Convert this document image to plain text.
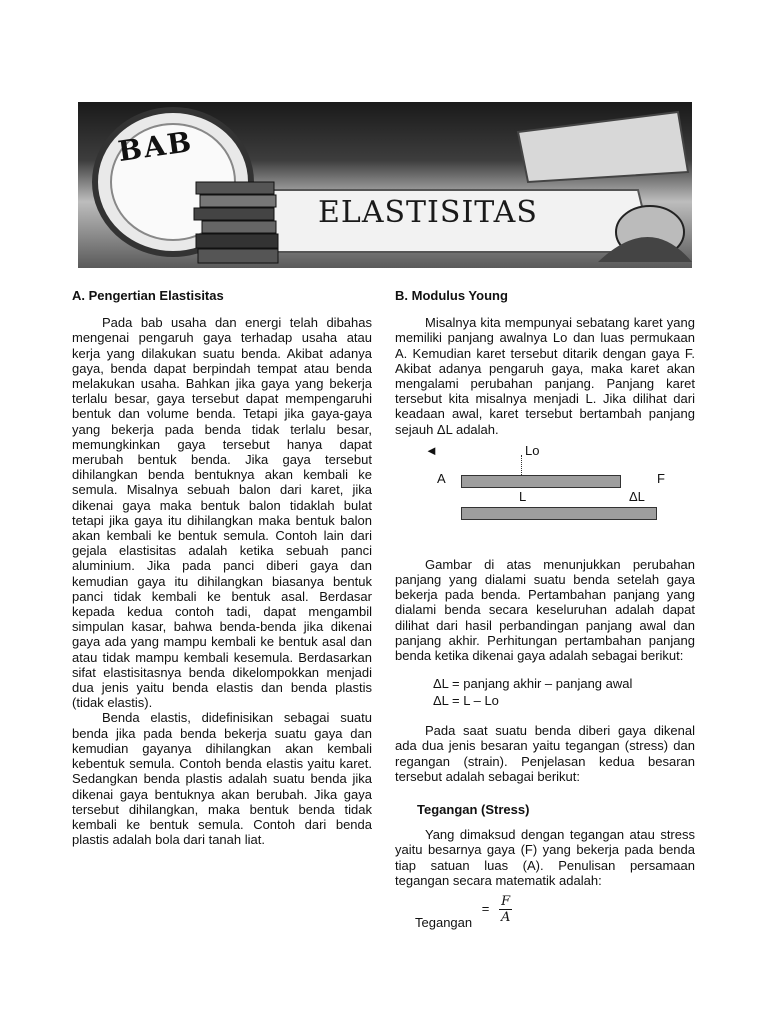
BAB
ELASTISITAS
A. Pengertian Elastisitas

Pada bab usaha dan energi telah dibahas mengenai pengaruh gaya terhadap usaha atau kerja yang dilakukan suatu benda. Akibat adanya gaya, benda dapat berpindah tempat atau benda melakukan usaha. Bahkan jika gaya yang bekerja terlalu besar, gaya tersebut dapat mempengaruhi bentuk dan volume benda. Tetapi jika gaya-gaya yang bekerja pada benda tidak terlalu besar, memungkinkan gaya tersebut hanya dapat merubah bentuk benda. Jika gaya tersebut dihilangkan benda bentuknya akan kembali ke semula. Misalnya sebuah balon dari karet, jika dikenai gaya maka bentuk balon tidaklah bulat tetapi jika gaya itu dihilangkan maka bentuk balon akan kembali ke bentuk semula. Contoh lain dari gejala elastisitas adalah ketika sebuah panci aluminium. Jika pada panci diberi gaya dan kemudian gaya itu dihilangkan biasanya bentuk panci tidak kembali ke bentuk asal. Berdasar kepada kedua contoh tadi, dapat mengambil simpulan kasar, bahwa benda-benda jika dikenai gaya ada yang mampu kembali ke bentuk asal dan atau tidak mampu kembali kesemula. Berdasarkan sifat elastisitasnya benda dikelompokkan menjadi dua jenis yaitu benda elastis dan benda plastis (tidak elastis).

Benda elastis, didefinisikan sebagai suatu benda jika pada benda bekerja suatu gaya dan kemudian gayanya dihilangkan akan kembali kebentuk semula. Contoh benda elastis yaitu karet. Sedangkan benda plastis adalah suatu benda jika dikenai gaya bentuknya akan berubah. Jika gaya tersebut dihilangkan, maka bentuk benda tidak kembali ke bentuk semula. Contoh dari benda plastis adalah bola dari tanah liat.

B. Modulus Young

Misalnya kita mempunyai sebatang karet yang memiliki panjang awalnya Lo dan luas permukaan A. Kemudian karet tersebut ditarik dengan gaya F. Akibat adanya pengaruh gaya, maka karet akan mengalami perubahan panjang. Panjang karet tersebut kita misalnya menjadi L. Jika dilihat dari keadaan awal, karet tersebut bertambah panjang sejauh ΔL adalah.

◄	Lo
A	F
L	ΔL

Gambar di atas menunjukkan perubahan panjang yang dialami suatu benda setelah gaya bekerja pada benda. Pertambahan panjang yang dialami benda secara keseluruhan adalah dapat dilihat dari hasil perbandingan panjang awal dan panjang akhir. Perhitungan pertambahan panjang benda ketika dikenai gaya adalah sebagai berikut:

ΔL = panjang akhir – panjang awal
ΔL = L – Lo

Pada saat suatu benda diberi gaya dikenal ada dua jenis besaran yaitu tegangan (stress) dan regangan (strain). Penjelasan kedua besaran tersebut adalah sebagai berikut:

Tegangan (Stress)

Yang dimaksud dengan tegangan atau stress yaitu besarnya gaya (F) yang bekerja pada benda tiap satuan luas (A). Penulisan persamaan tegangan secara matematik adalah:

Tegangan = $\frac{F}{A}$
